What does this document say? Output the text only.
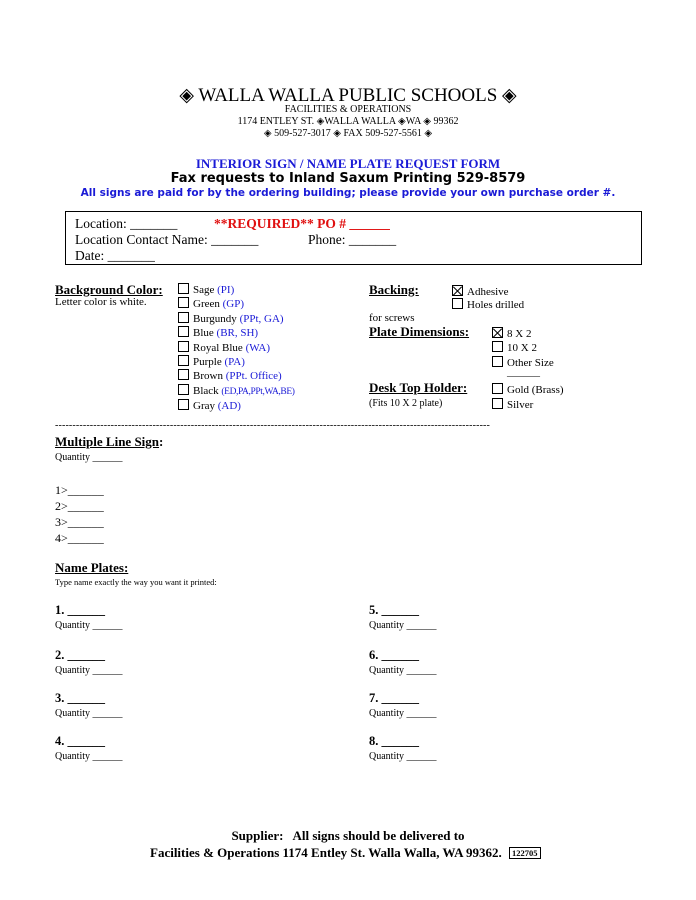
◈ WALLA WALLA PUBLIC SCHOOLS ◈
FACILITIES & OPERATIONS
1174 ENTLEY ST. ◈WALLA WALLA ◈WA ◈ 99362
◈ 509-527-3017 ◈ FAX 509-527-5561 ◈
INTERIOR SIGN / NAME PLATE REQUEST FORM
Fax requests to Inland Saxum Printing 529-8579
All signs are paid for by the ordering building; please provide your own purchase order #.
Location: _______	**REQUIRED** PO # ______
Location Contact Name: _______	Phone: _______
Date: _______
Background Color:
Letter color is white.
Sage (PI)
Green (GP)
Burgundy (PPt, GA)
Blue (BR, SH)
Royal Blue (WA)
Purple (PA)
Brown (PPt. Office)
Black (ED,PA,PPt,WA,BE)
Gray (AD)
Backing:	Adhesive
Holes drilled
for screws
Plate Dimensions:	8 X 2
10 X 2
Other Size
______
Desk Top Holder:
(Fits 10 X 2 plate)
Gold (Brass)
Silver
-----------------------------------------------------------------------------------------------------------------------------
Multiple Line Sign:
Quantity ______
1>______
2>______
3>______
4>______
Name Plates:
Type name exactly the way you want it printed:
1. ______
Quantity ______
2. ______
Quantity ______
3. ______
Quantity ______
4. ______
Quantity ______
5. ______
Quantity ______
6. ______
Quantity ______
7. ______
Quantity ______
8. ______
Quantity ______
Supplier:   All signs should be delivered to
Facilities & Operations 1174 Entley St. Walla Walla, WA 99362. 122705
